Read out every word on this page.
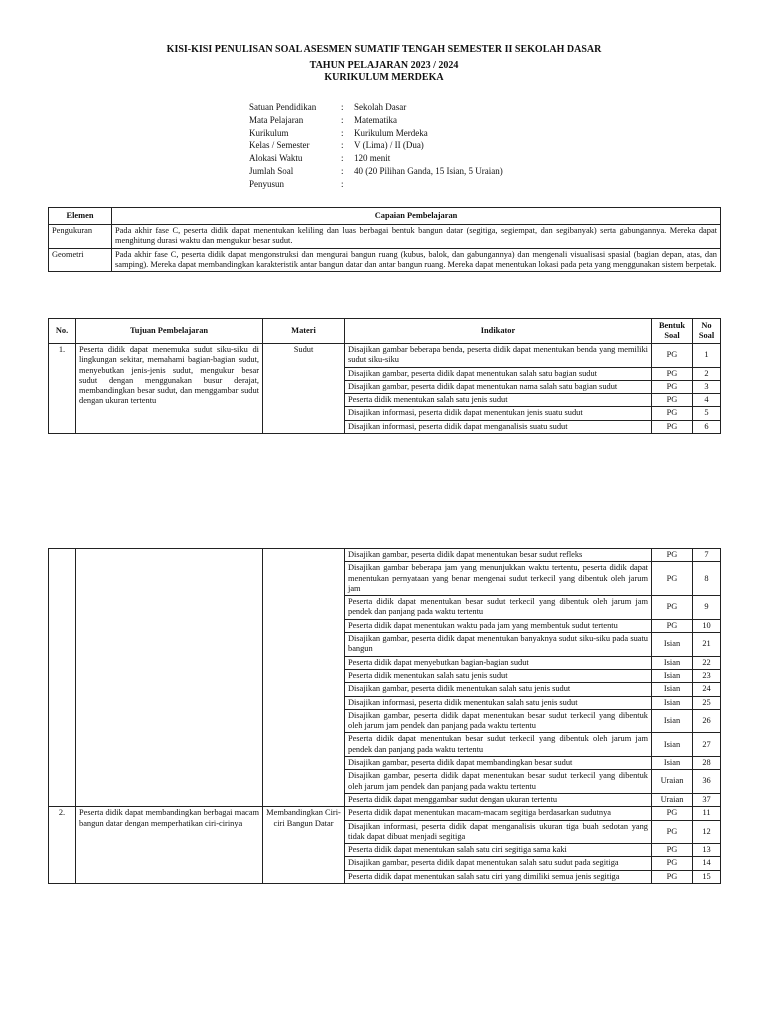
KISI-KISI PENULISAN SOAL ASESMEN SUMATIF TENGAH SEMESTER II SEKOLAH DASAR
TAHUN PELAJARAN 2023 / 2024
KURIKULUM MERDEKA
Satuan Pendidikan	: Sekolah Dasar
Mata Pelajaran	: Matematika
Kurikulum	: Kurikulum Merdeka
Kelas / Semester	: V (Lima) / II (Dua)
Alokasi Waktu	: 120 menit
Jumlah Soal	: 40 (20 Pilihan Ganda, 15 Isian, 5 Uraian)
Penyusun	:
Elemen	Capaian Pembelajaran
Pengukuran	Pada akhir fase C, peserta didik dapat menentukan keliling dan luas berbagai bentuk bangun datar (segitiga, segiempat, dan segibanyak) serta gabungannya. Mereka dapat menghitung durasi waktu dan mengukur besar sudut.
Geometri	Pada akhir fase C, peserta didik dapat mengonstruksi dan mengurai bangun ruang (kubus, balok, dan gabungannya) dan mengenali visualisasi spasial (bagian depan, atas, dan samping). Mereka dapat membandingkan karakteristik antar bangun datar dan antar bangun ruang. Mereka dapat menentukan lokasi pada peta yang menggunakan sistem berpetak.
No.	Tujuan Pembelajaran	Materi	Indikator	Bentuk Soal	No Soal
1.	Peserta didik dapat menemuka sudut siku-siku di lingkungan sekitar, memahami bagian-bagian sudut, menyebutkan jenis-jenis sudut, mengukur besar sudut dengan menggunakan busur derajat, membandingkan besar sudut, dan menggambar sudut dengan ukuran tertentu	Sudut	Disajikan gambar beberapa benda, peserta didik dapat menentukan benda yang memiliki sudut siku-siku	PG	1
			Disajikan gambar, peserta didik dapat menentukan salah satu bagian sudut	PG	2
			Disajikan gambar, peserta didik dapat menentukan nama salah satu bagian sudut	PG	3
			Peserta didik menentukan salah satu jenis sudut	PG	4
			Disajikan informasi, peserta didik dapat menentukan jenis suatu sudut	PG	5
			Disajikan informasi, peserta didik dapat menganalisis suatu sudut	PG	6
			Disajikan gambar, peserta didik dapat menentukan besar sudut refleks	PG	7
			Disajikan gambar beberapa jam yang menunjukkan waktu tertentu, peserta didik dapat menentukan pernyataan yang benar mengenai sudut terkecil yang dibentuk oleh jarum jam	PG	8
			Peserta didik dapat menentukan besar sudut terkecil yang dibentuk oleh jarum jam pendek dan panjang pada waktu tertentu	PG	9
			Peserta didik dapat menentukan waktu pada jam yang membentuk sudut tertentu	PG	10
			Disajikan gambar, peserta didik dapat menentukan banyaknya sudut siku-siku pada suatu bangun	Isian	21
			Peserta didik dapat menyebutkan bagian-bagian sudut	Isian	22
			Peserta didik menentukan salah satu jenis sudut	Isian	23
			Disajikan gambar, peserta didik menentukan salah satu jenis sudut	Isian	24
			Disajikan informasi, peserta didik menentukan salah satu jenis sudut	Isian	25
			Disajikan gambar, peserta didik dapat menentukan besar sudut terkecil yang dibentuk oleh jarum jam pendek dan panjang pada waktu tertentu	Isian	26
			Peserta didik dapat menentukan besar sudut terkecil yang dibentuk oleh jarum jam pendek dan panjang pada waktu tertentu	Isian	27
			Disajikan gambar, peserta didik dapat membandingkan besar sudut	Isian	28
			Disajikan gambar, peserta didik dapat menentukan besar sudut terkecil yang dibentuk oleh jarum jam pendek dan panjang pada waktu tertentu	Uraian	36
			Peserta didik dapat menggambar sudut dengan ukuran tertentu	Uraian	37
2.	Peserta didik dapat membandingkan berbagai macam bangun datar dengan memperhatikan ciri-cirinya	Membandingkan Ciri-ciri Bangun Datar	Peserta didik dapat menentukan macam-macam segitiga berdasarkan sudutnya	PG	11
			Disajikan informasi, peserta didik dapat menganalisis ukuran tiga buah sedotan yang tidak dapat dibuat menjadi segitiga	PG	12
			Peserta didik dapat menentukan salah satu ciri segitiga sama kaki	PG	13
			Disajikan gambar, peserta didik dapat menentukan salah satu sudut pada segitiga	PG	14
			Peserta didik dapat menentukan salah satu ciri yang dimiliki semua jenis segitiga	PG	15
